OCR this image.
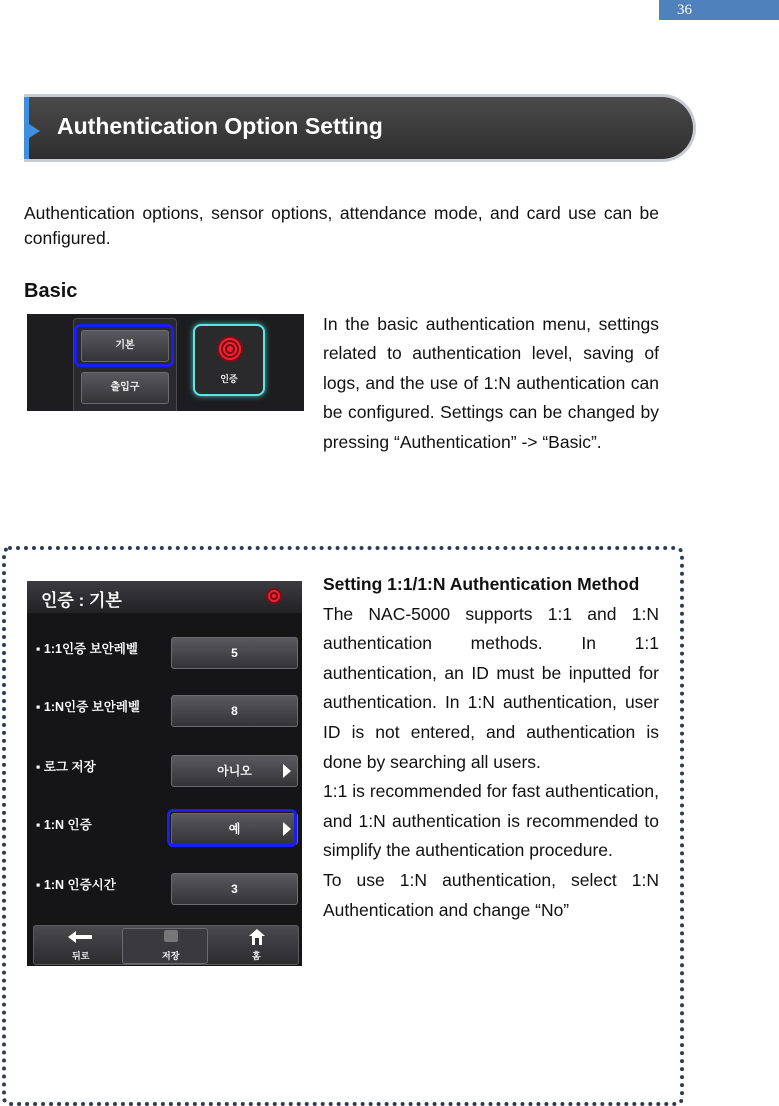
36
Authentication Option Setting
Authentication options, sensor options, attendance mode, and card use can be configured.
Basic
기본
출입구
인증
In the basic authentication menu, settings related to authentication level, saving of logs, and the use of 1:N authentication can be configured. Settings can be changed by pressing “Authentication” -> “Basic”.
인증 : 기본
▪ 1:1인증 보안레벨	5
▪ 1:N인증 보안레벨	8
▪ 로그 저장	아니오
▪ 1:N 인증	예
▪ 1:N 인증시간	3
뒤로	저장	홈
Setting 1:1/1:N Authentication Method
The NAC-5000 supports 1:1 and 1:N authentication methods. In 1:1 authentication, an ID must be inputted for authentication. In 1:N authentication, user ID is not entered, and authentication is done by searching all users.
1:1 is recommended for fast authentication, and 1:N authentication is recommended to simplify the authentication procedure.
To use 1:N authentication, select 1:N Authentication and change “No”
